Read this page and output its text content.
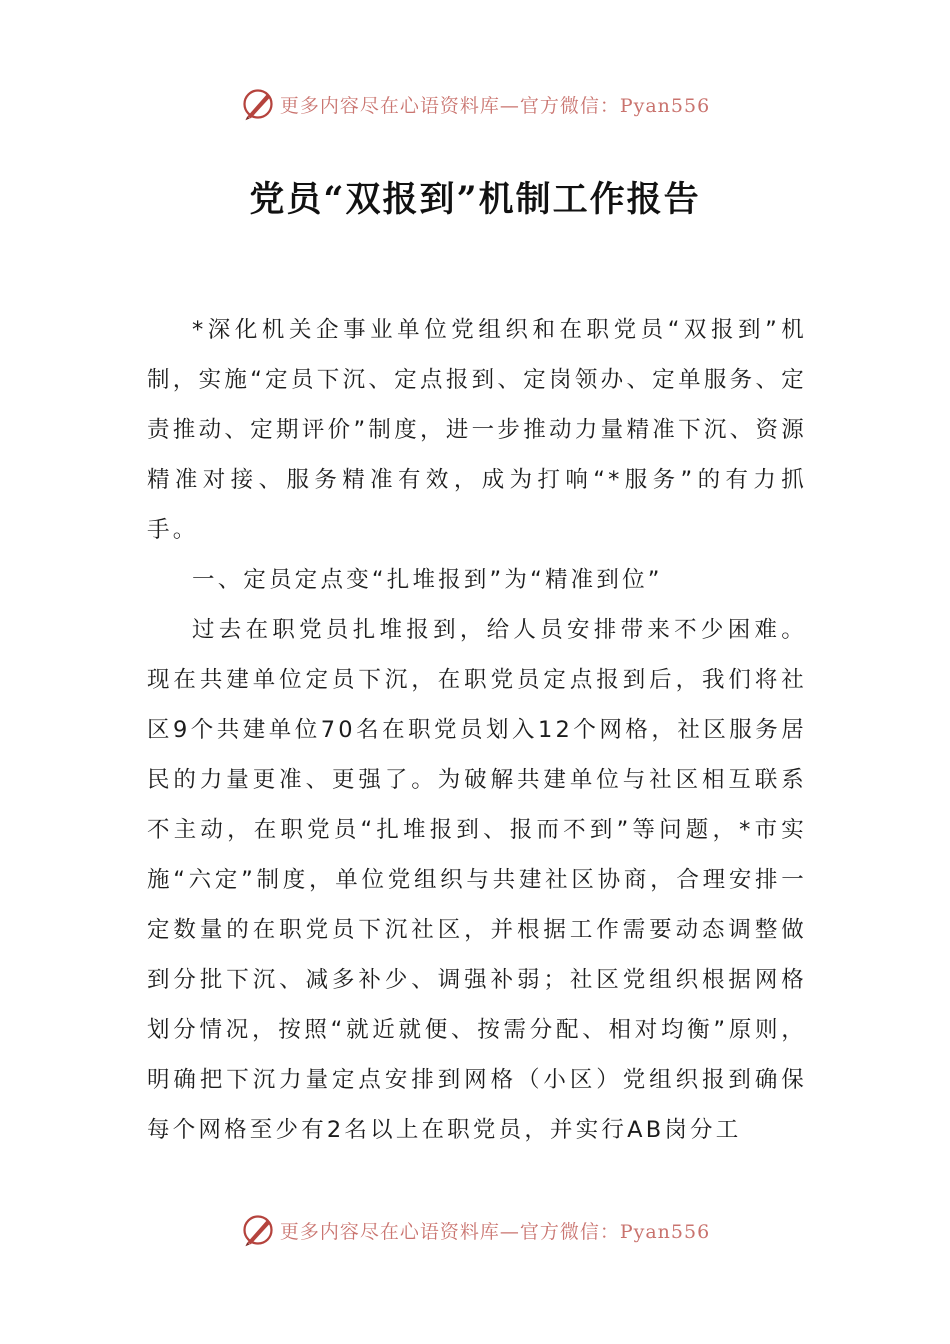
更多内容尽在心语资料库—官方微信：Pyan556
党员“双报到”机制工作报告

*深化机关企事业单位党组织和在职党员“双报到”机制，实施“定员下沉、定点报到、定岗领办、定单服务、定责推动、定期评价”制度，进一步推动力量精准下沉、资源精准对接、服务精准有效，成为打响“*服务”的有力抓手。

一、定员定点变“扎堆报到”为“精准到位”

过去在职党员扎堆报到，给人员安排带来不少困难。现在共建单位定员下沉，在职党员定点报到后，我们将社区9个共建单位70名在职党员划入12个网格，社区服务居民的力量更准、更强了。为破解共建单位与社区相互联系不主动，在职党员“扎堆报到、报而不到”等问题，*市实施“六定”制度，单位党组织与共建社区协商，合理安排一定数量的在职党员下沉社区，并根据工作需要动态调整做到分批下沉、减多补少、调强补弱；社区党组织根据网格划分情况，按照“就近就便、按需分配、相对均衡”原则，明确把下沉力量定点安排到网格（小区）党组织报到确保每个网格至少有2名以上在职党员，并实行AB岗分工

更多内容尽在心语资料库—官方微信：Pyan556
